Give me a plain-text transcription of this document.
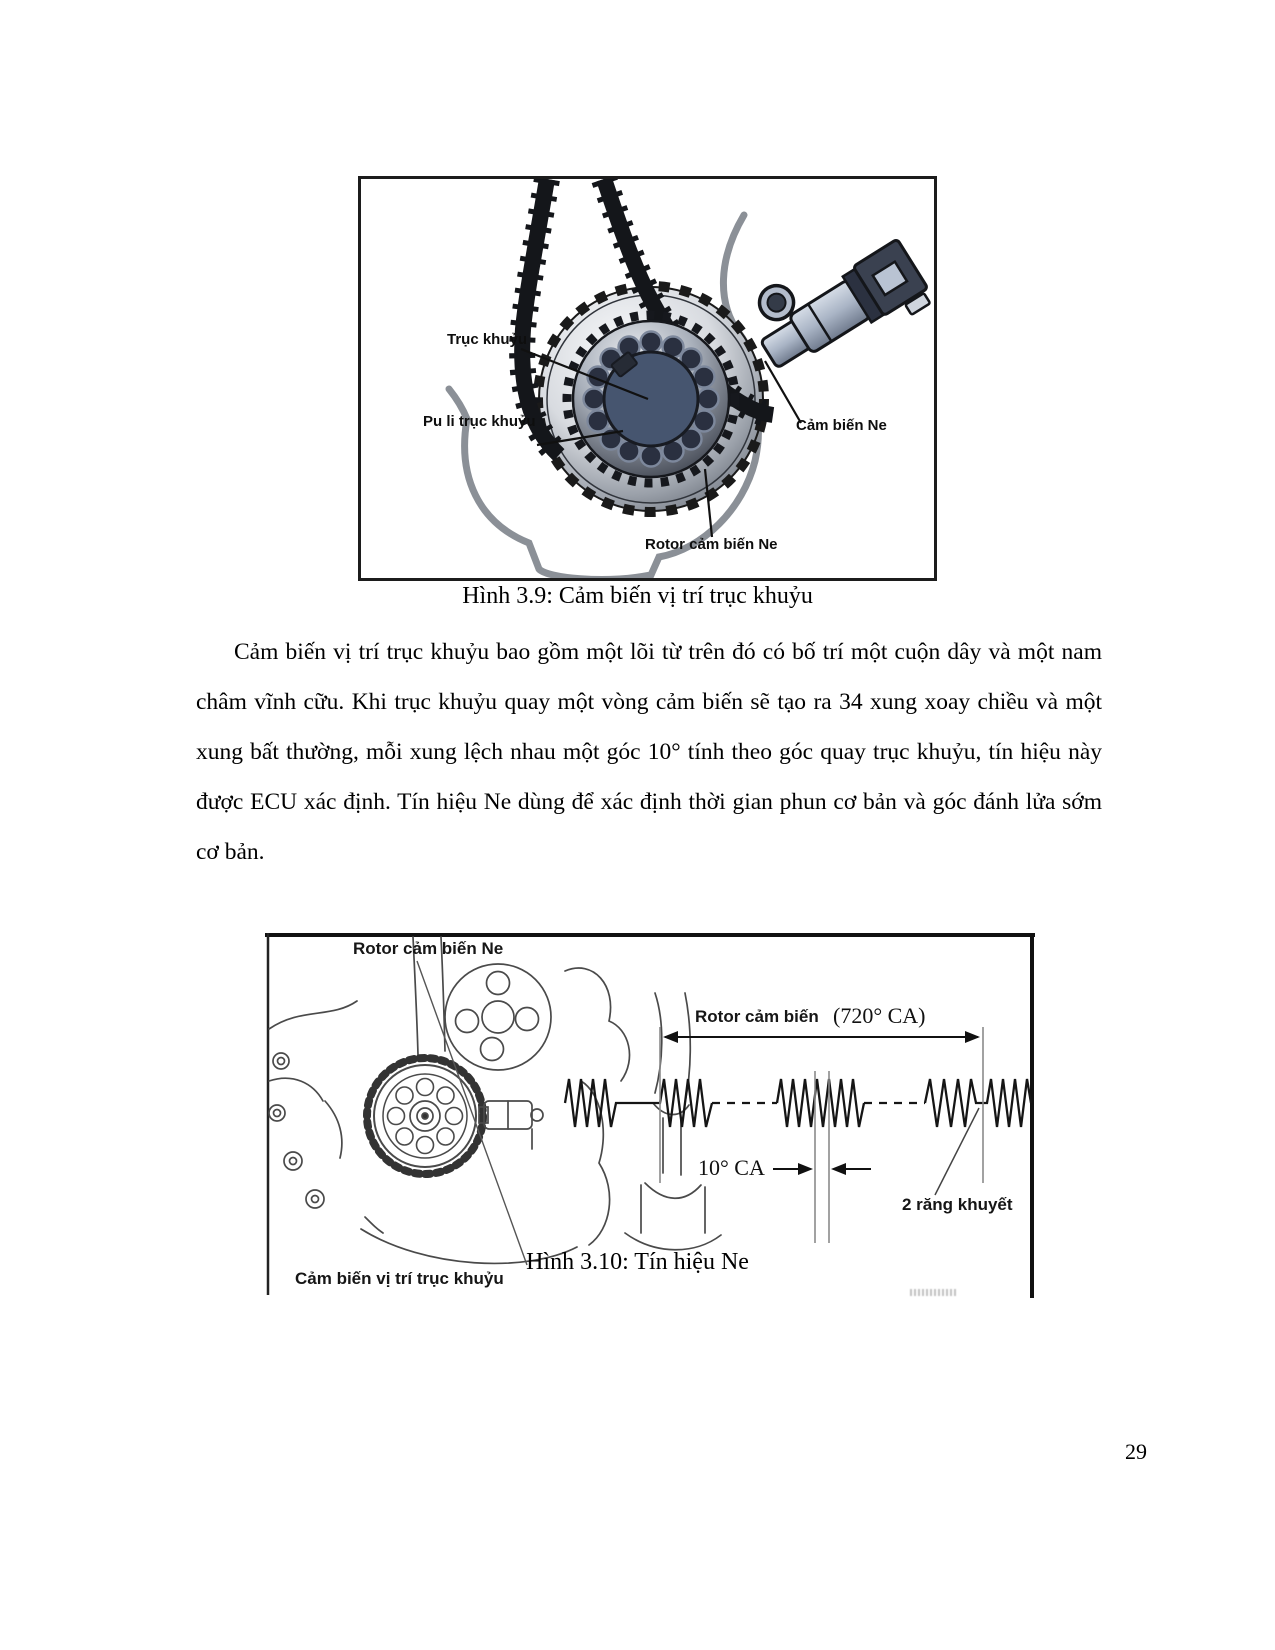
Trục khuỷu
Pu li trục khuỷu	Cảm biến Ne
Rotor cảm biến Ne
Hình 3.9: Cảm biến vị trí trục khuỷu
Cảm biến vị trí trục khuỷu bao gồm một lõi từ trên đó có bố trí một cuộn dây và một nam châm vĩnh cữu. Khi trục khuỷu quay một vòng cảm biến sẽ tạo ra 34 xung xoay chiều và một xung bất thường, mỗi xung lệch nhau một góc 10° tính theo góc quay trục khuỷu, tín hiệu này được ECU xác định. Tín hiệu Ne dùng để xác định thời gian phun cơ bản và góc đánh lửa sớm cơ bản.
Rotor cảm biến Ne
Cảm biến vị trí trục khuỷu
Rotor cảm biến (720° CA)
10° CA
2 răng khuyết
Hình 3.10: Tín hiệu Ne
29
